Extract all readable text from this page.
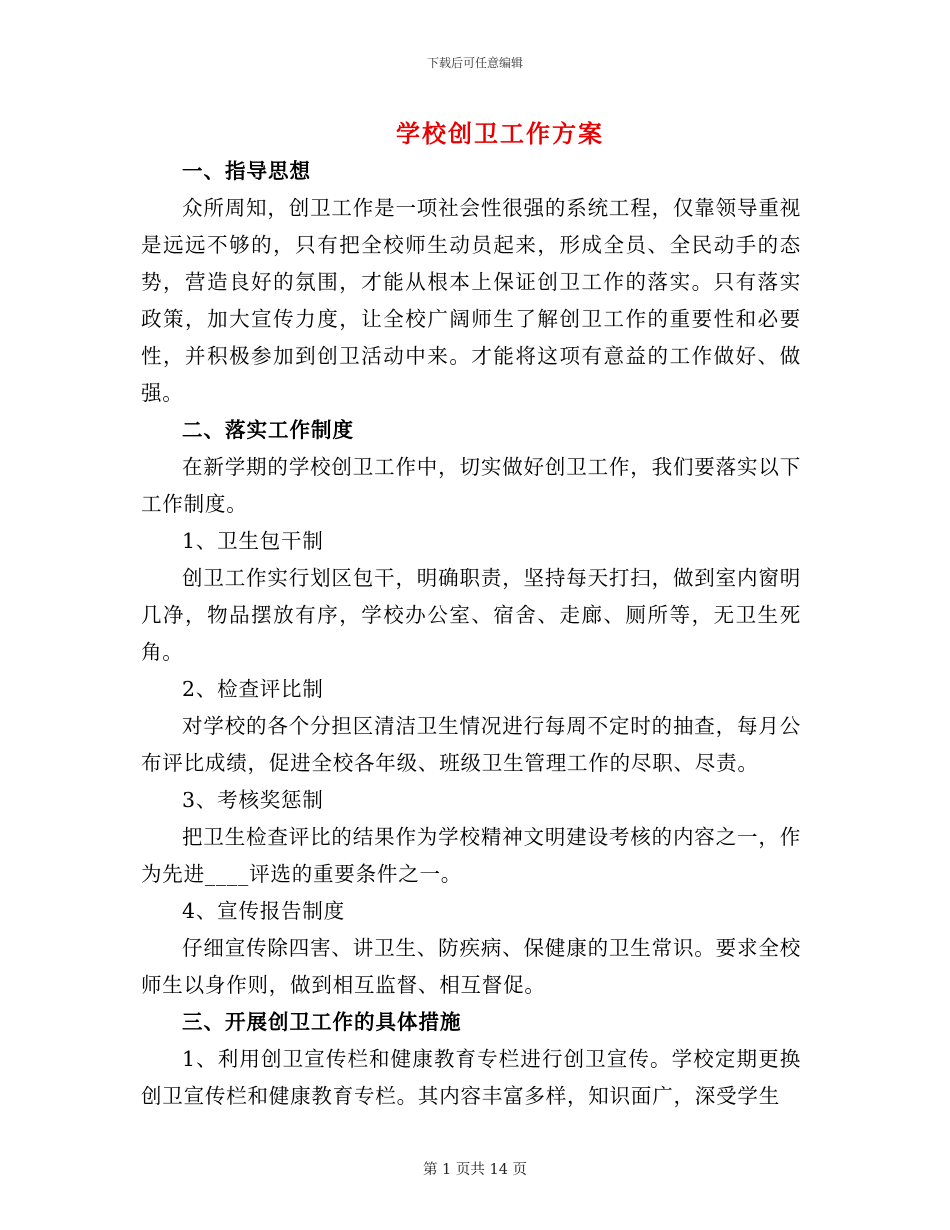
下载后可任意编辑
学校创卫工作方案

一、指导思想

众所周知，创卫工作是一项社会性很强的系统工程，仅靠领导重视是远远不够的，只有把全校师生动员起来，形成全员、全民动手的态势，营造良好的氛围，才能从根本上保证创卫工作的落实。只有落实政策，加大宣传力度，让全校广阔师生了解创卫工作的重要性和必要性，并积极参加到创卫活动中来。才能将这项有意益的工作做好、做强。

二、落实工作制度

在新学期的学校创卫工作中，切实做好创卫工作，我们要落实以下工作制度。

1、卫生包干制

创卫工作实行划区包干，明确职责，坚持每天打扫，做到室内窗明几净，物品摆放有序，学校办公室、宿舍、走廊、厕所等，无卫生死角。

2、检查评比制

对学校的各个分担区清洁卫生情况进行每周不定时的抽查，每月公布评比成绩，促进全校各年级、班级卫生管理工作的尽职、尽责。

3、考核奖惩制

把卫生检查评比的结果作为学校精神文明建设考核的内容之一，作为先进____评选的重要条件之一。

4、宣传报告制度

仔细宣传除四害、讲卫生、防疾病、保健康的卫生常识。要求全校师生以身作则，做到相互监督、相互督促。

三、开展创卫工作的具体措施

1、利用创卫宣传栏和健康教育专栏进行创卫宣传。学校定期更换创卫宣传栏和健康教育专栏。其内容丰富多样，知识面广，深受学生

第 1 页共 14 页
